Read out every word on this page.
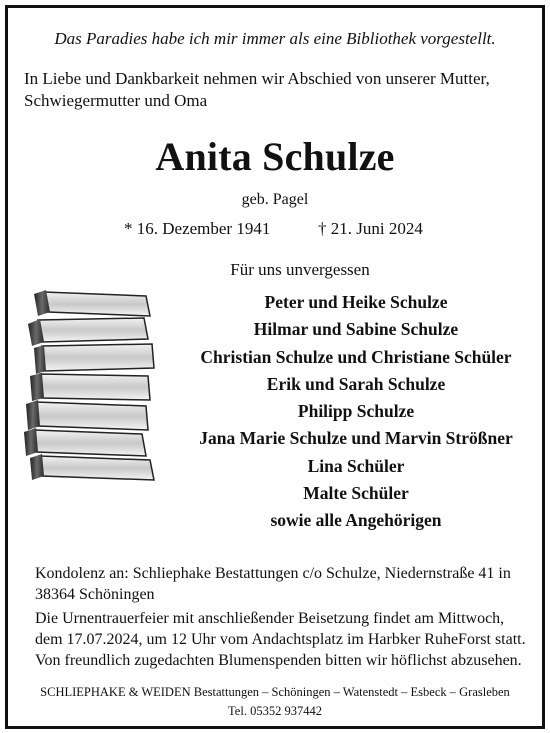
Das Paradies habe ich mir immer als eine Bibliothek vorgestellt.
In Liebe und Dankbarkeit nehmen wir Abschied von unserer Mutter, Schwiegermutter und Oma
Anita Schulze
geb. Pagel
* 16. Dezember 1941	† 21. Juni 2024
Für uns unvergessen
Peter und Heike Schulze
Hilmar und Sabine Schulze
Christian Schulze und Christiane Schüler
Erik und Sarah Schulze
Philipp Schulze
Jana Marie Schulze und Marvin Strößner
Lina Schüler
Malte Schüler
sowie alle Angehörigen
Kondolenz an: Schliephake Bestattungen c/o Schulze, Niedernstraße 41 in 38364 Schöningen
Die Urnentrauerfeier mit anschließender Beisetzung findet am Mittwoch, dem 17.07.2024, um 12 Uhr vom Andachtsplatz im Harbker RuheForst statt. Von freundlich zugedachten Blumenspenden bitten wir höflichst abzusehen.
SCHLIEPHAKE & WEIDEN Bestattungen – Schöningen – Watenstedt – Esbeck – Grasleben
Tel. 05352 937442
